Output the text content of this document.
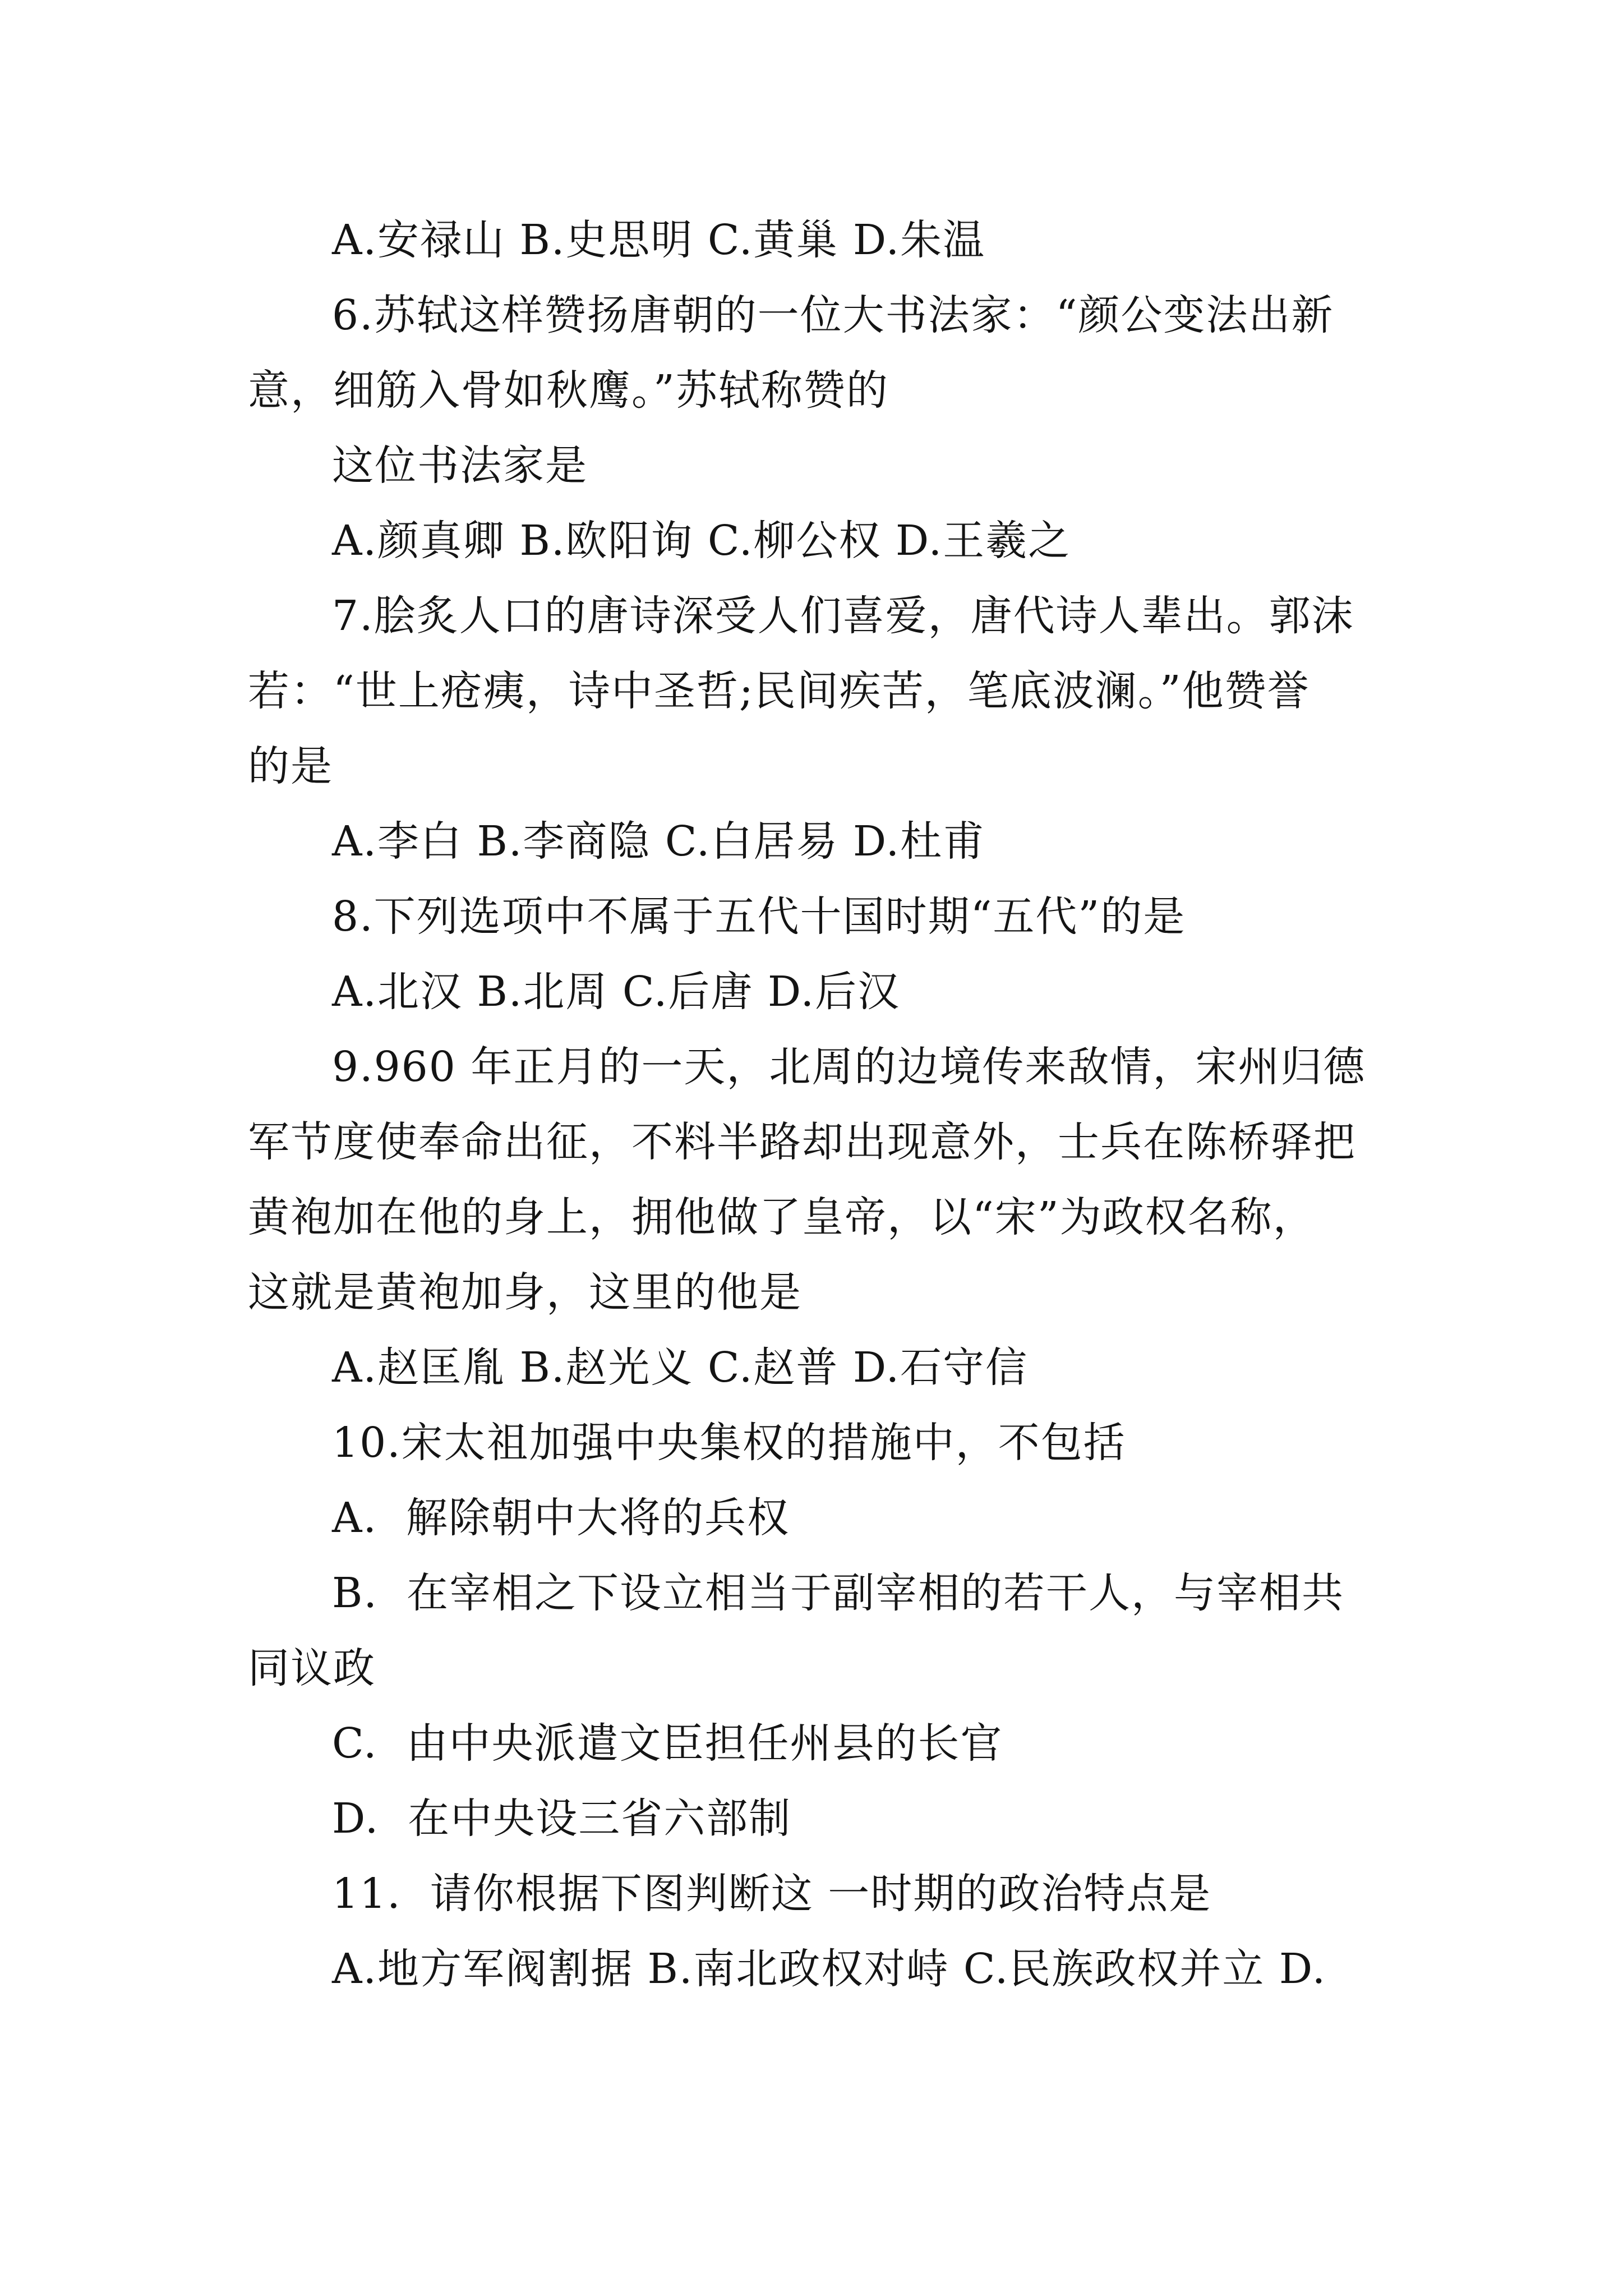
A.安禄山 B.史思明 C.黄巢 D.朱温
6.苏轼这样赞扬唐朝的一位大书法家：“颜公变法出新
意，细筋入骨如秋鹰。”苏轼称赞的
这位书法家是
A.颜真卿 B.欧阳询 C.柳公权 D.王羲之
7.脍炙人口的唐诗深受人们喜爱，唐代诗人辈出。郭沫
若：“世上疮痍，诗中圣哲;民间疾苦，笔底波澜。”他赞誉
的是
A.李白 B.李商隐 C.白居易 D.杜甫
8.下列选项中不属于五代十国时期“五代”的是
A.北汉 B.北周 C.后唐 D.后汉
9.960 年正月的一天，北周的边境传来敌情，宋州归德
军节度使奉命出征，不料半路却出现意外，士兵在陈桥驿把
黄袍加在他的身上，拥他做了皇帝，以“宋”为政权名称，
这就是黄袍加身，这里的他是
A.赵匡胤 B.赵光义 C.赵普 D.石守信
10.宋太祖加强中央集权的措施中，不包括
A.  解除朝中大将的兵权
B.  在宰相之下设立相当于副宰相的若干人，与宰相共
同议政
C.  由中央派遣文臣担任州县的长官
D.  在中央设三省六部制
11.  请你根据下图判断这 一时期的政治特点是
A.地方军阀割据 B.南北政权对峙 C.民族政权并立 D.
